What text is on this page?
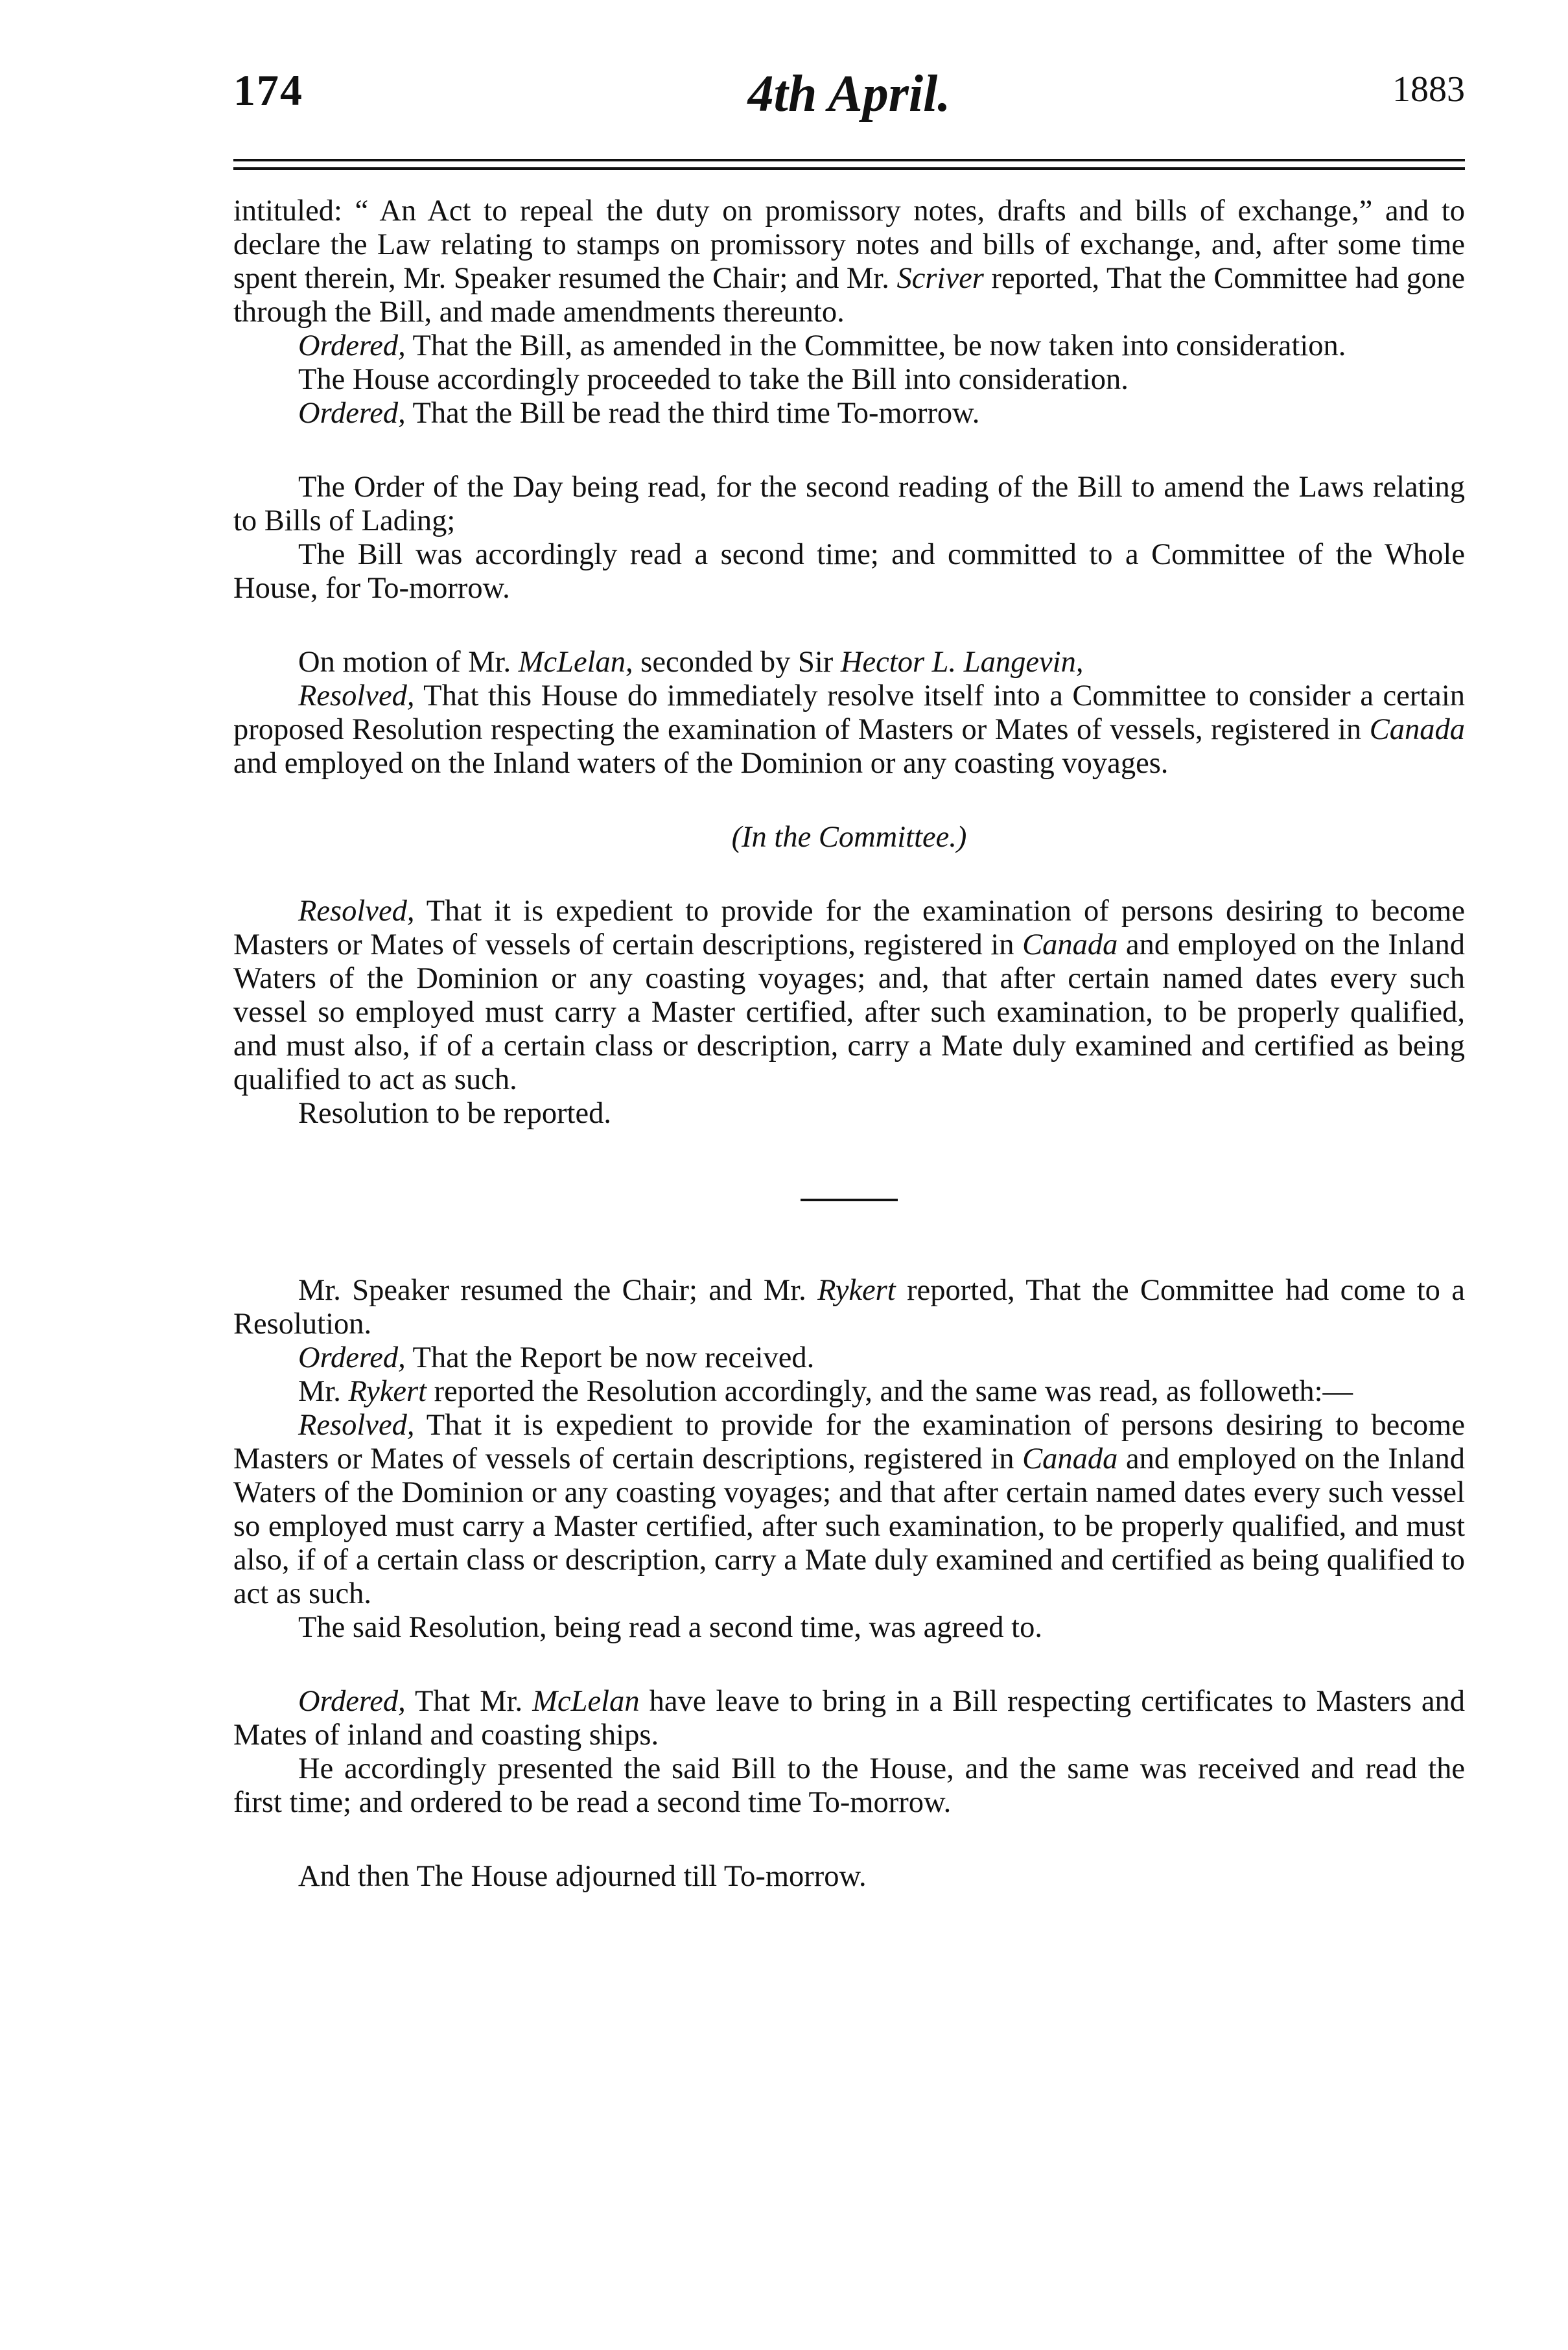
174	4th April.	1883

intituled: “ An Act to repeal the duty on promissory notes, drafts and bills of exchange,” and to declare the Law relating to stamps on promissory notes and bills of exchange, and, after some time spent therein, Mr. Speaker resumed the Chair; and Mr. Scriver reported, That the Committee had gone through the Bill, and made amendments thereunto.

Ordered, That the Bill, as amended in the Committee, be now taken into consideration.

The House accordingly proceeded to take the Bill into consideration.

Ordered, That the Bill be read the third time To-morrow.

The Order of the Day being read, for the second reading of the Bill to amend the Laws relating to Bills of Lading;

The Bill was accordingly read a second time; and committed to a Committee of the Whole House, for To-morrow.

On motion of Mr. McLelan, seconded by Sir Hector L. Langevin,

Resolved, That this House do immediately resolve itself into a Committee to consider a certain proposed Resolution respecting the examination of Masters or Mates of vessels, registered in Canada and employed on the Inland waters of the Dominion or any coasting voyages.

(In the Committee.)

Resolved, That it is expedient to provide for the examination of persons desiring to become Masters or Mates of vessels of certain descriptions, registered in Canada and employed on the Inland Waters of the Dominion or any coasting voyages; and, that after certain named dates every such vessel so employed must carry a Master certified, after such examination, to be properly qualified, and must also, if of a certain class or description, carry a Mate duly examined and certified as being qualified to act as such.

Resolution to be reported.

Mr. Speaker resumed the Chair; and Mr. Rykert reported, That the Committee had come to a Resolution.

Ordered, That the Report be now received.

Mr. Rykert reported the Resolution accordingly, and the same was read, as followeth:—

Resolved, That it is expedient to provide for the examination of persons desiring to become Masters or Mates of vessels of certain descriptions, registered in Canada and employed on the Inland Waters of the Dominion or any coasting voyages; and that after certain named dates every such vessel so employed must carry a Master certified, after such examination, to be properly qualified, and must also, if of a certain class or description, carry a Mate duly examined and certified as being qualified to act as such.

The said Resolution, being read a second time, was agreed to.

Ordered, That Mr. McLelan have leave to bring in a Bill respecting certificates to Masters and Mates of inland and coasting ships.

He accordingly presented the said Bill to the House, and the same was received and read the first time; and ordered to be read a second time To-morrow.

And then The House adjourned till To-morrow.
